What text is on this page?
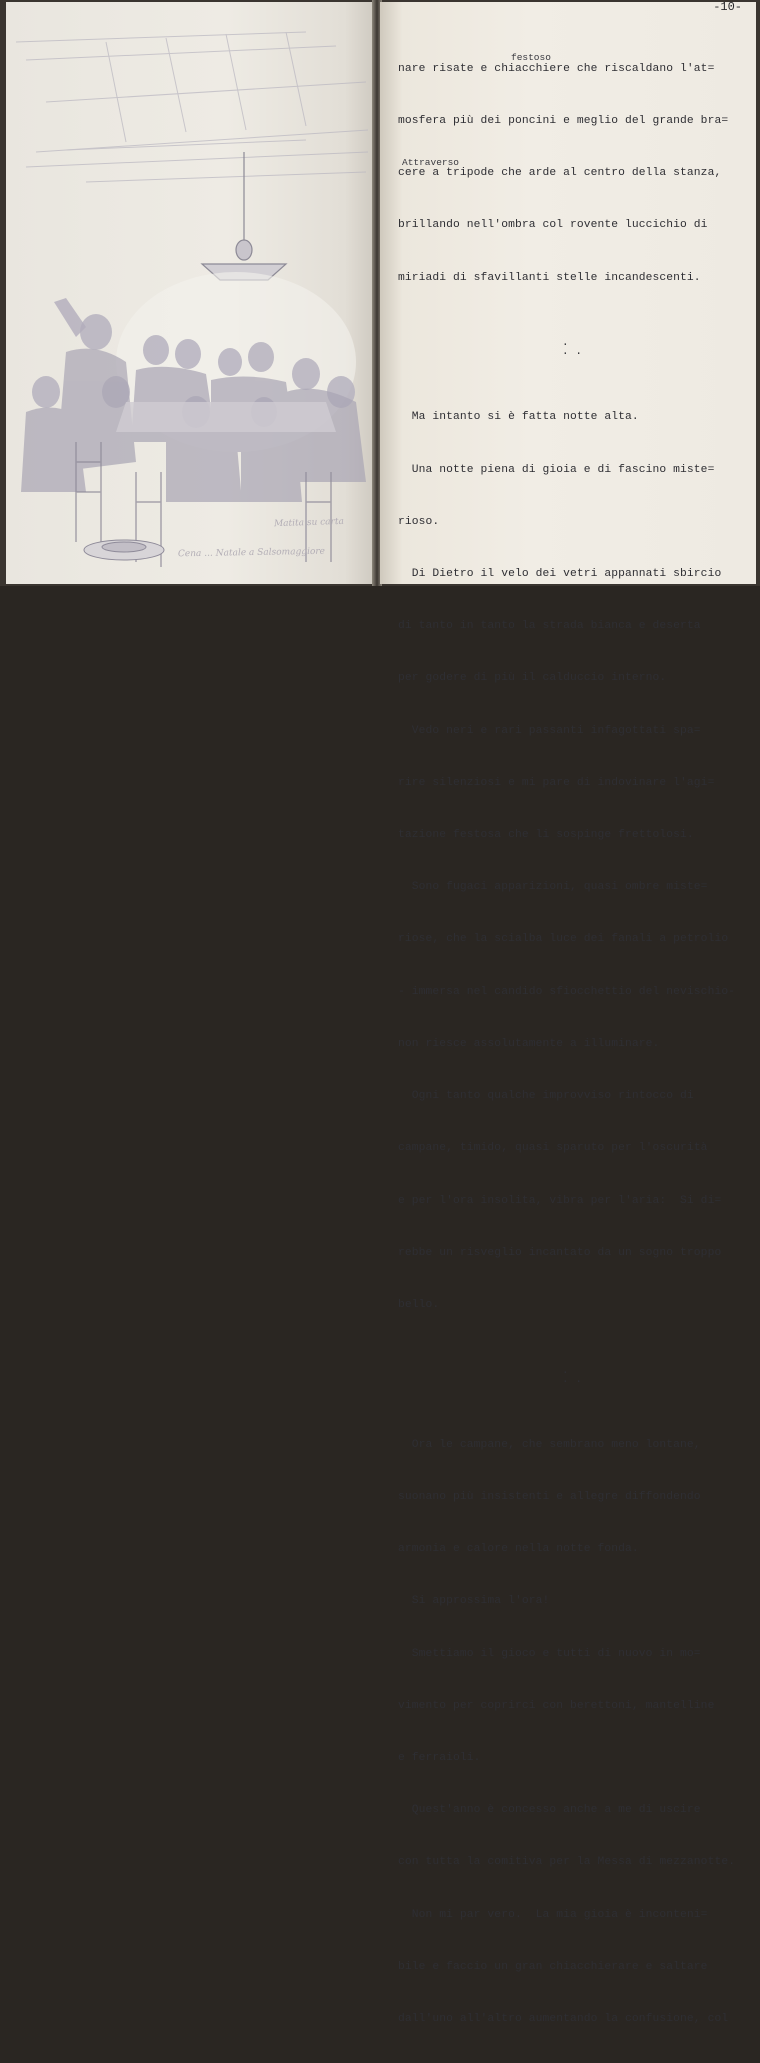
Matita su carta
Cena ... Natale a Salsomaggiore
-10-
festoso
Attraverso

nare risate e chiacchiere che riscaldano l'at=

mosfera più dei poncini e meglio del grande bra=

cere a tripode che arde al centro della stanza,

brillando nell'ombra col rovente luccichio di

miriadi di sfavillanti stelle incandescenti.

.
. .

Ma intanto si è fatta notte alta.

Una notte piena di gioia e di fascino miste=

rioso.

Di Dietro il velo dei vetri appannati sbircio

di tanto in tanto la strada bianca e deserta

per godere di più il calduccio interno.

Vedo neri e rari passanti infagottati spa=

rire silenziosi e mi pare di indovinare l'agi=

tazione festosa che li sospinge frettolosi.

Sono fugaci apparizioni, quasi ombre miste=

riose, che la scialba luce dei fanali a petrolio

- immersa nel candido sfiocchettio del nevischio-

non riesce assolutamente a illuminare.

Ogni tanto qualche improvviso rintocco di

campane, timido, quasi sparuto per l'oscurità

e per l'ora insolita, vibra per l'aria:  Si di=

rebbe un risveglio incantato da un sogno troppo

bello.

.
. .

Ora le campane, che sembrano meno lontane,

suonano più insistenti e allegre diffondendo

armonia e calore nella notte fonda.

Si approssima l'ora!

Smettiamo il gioco e tutti di nuovo in mo=

vimento per coprirci con berettoni, mantelline

e ferraioli.

Quest'anno è concesso anche a me di uscire

con tutta la comitiva per la Messa di mezzanotte.

Non mi par vero.  La mia gioia è inconteni=

bile e faccio un gran chiacchierare e saltare

dall'uno all'altro aumentando la confusione, col
